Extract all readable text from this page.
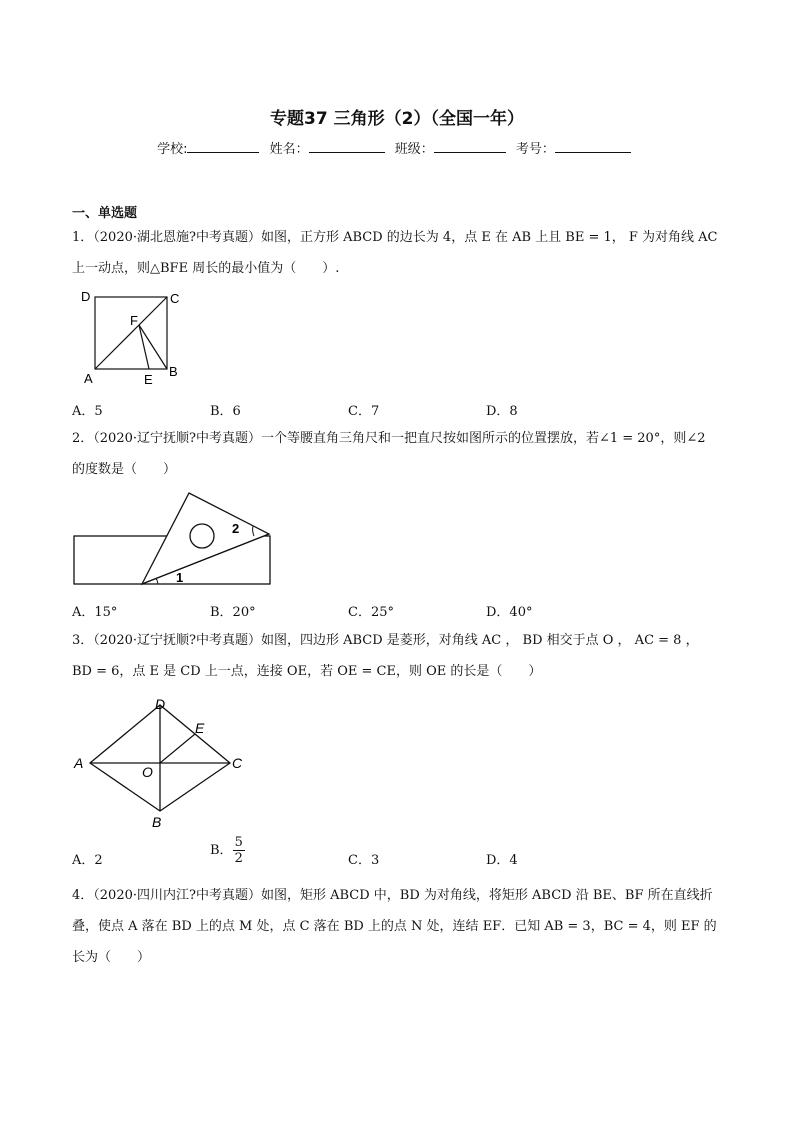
专题37 三角形（2）（全国一年）
学校:	姓名：	班级：	考号：
一、单选题
1．（2020·湖北恩施?中考真题）如图，正方形 ABCD 的边长为 4，点 E 在 AB 上且 BE = 1， F 为对角线 AC
上一动点，则△BFE 周长的最小值为（　　）.
D	C
F
A	E
B
A．5	B．6	C．7	D．8
2．（2020·辽宁抚顺?中考真题）一个等腰直角三角尺和一把直尺按如图所示的位置摆放，若∠1 = 20°，则∠2
的度数是（　　）
1
2
A．15°	B．20°	C．25°	D．40°
3．（2020·辽宁抚顺?中考真题）如图，四边形 ABCD 是菱形，对角线 AC ， BD 相交于点 O ， AC = 8 ，
BD = 6，点 E 是 CD 上一点，连接 OE，若 OE = CE，则 OE 的长是（　　）
A
D
E
C
O
B
A．2
B． $\frac{5}{2}$	C．3	D．4
4．（2020·四川内江?中考真题）如图，矩形 ABCD 中，BD 为对角线，将矩形 ABCD 沿 BE、BF 所在直线折
叠，使点 A 落在 BD 上的点 M 处，点 C 落在 BD 上的点 N 处，连结 EF．已知 AB = 3，BC = 4，则 EF 的
长为（　　）
